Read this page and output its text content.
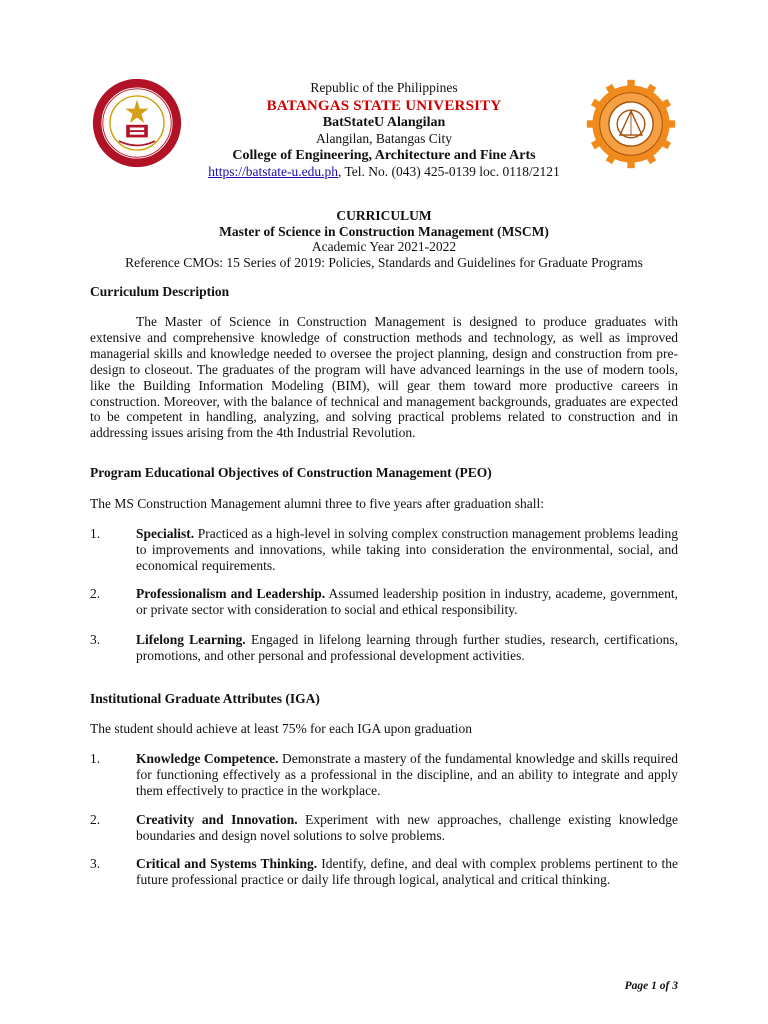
Republic of the Philippines
BATANGAS STATE UNIVERSITY
BatStateU Alangilan
Alangilan, Batangas City
College of Engineering, Architecture and Fine Arts
https://batstate-u.edu.ph, Tel. No. (043) 425-0139 loc. 0118/2121
CURRICULUM
Master of Science in Construction Management (MSCM)
Academic Year 2021-2022
Reference CMOs: 15 Series of 2019: Policies, Standards and Guidelines for Graduate Programs
Curriculum Description
The Master of Science in Construction Management is designed to produce graduates with extensive and comprehensive knowledge of construction methods and technology, as well as improved managerial skills and knowledge needed to oversee the project planning, design and construction from pre-design to closeout. The graduates of the program will have advanced learnings in the use of modern tools, like the Building Information Modeling (BIM), will gear them toward more productive careers in construction. Moreover, with the balance of technical and management backgrounds, graduates are expected to be competent in handling, analyzing, and solving practical problems related to construction and in addressing issues arising from the 4th Industrial Revolution.
Program Educational Objectives of Construction Management (PEO)
The MS Construction Management alumni three to five years after graduation shall:
1.	Specialist. Practiced as a high-level in solving complex construction management problems leading to improvements and innovations, while taking into consideration the environmental, social, and economical requirements.
2.	Professionalism and Leadership. Assumed leadership position in industry, academe, government, or private sector with consideration to social and ethical responsibility.
3.	Lifelong Learning. Engaged in lifelong learning through further studies, research, certifications, promotions, and other personal and professional development activities.
Institutional Graduate Attributes (IGA)
The student should achieve at least 75% for each IGA upon graduation
1.	Knowledge Competence. Demonstrate a mastery of the fundamental knowledge and skills required for functioning effectively as a professional in the discipline, and an ability to integrate and apply them effectively to practice in the workplace.
2.	Creativity and Innovation. Experiment with new approaches, challenge existing knowledge boundaries and design novel solutions to solve problems.
3.	Critical and Systems Thinking. Identify, define, and deal with complex problems pertinent to the future professional practice or daily life through logical, analytical and critical thinking.
Page 1 of 3
